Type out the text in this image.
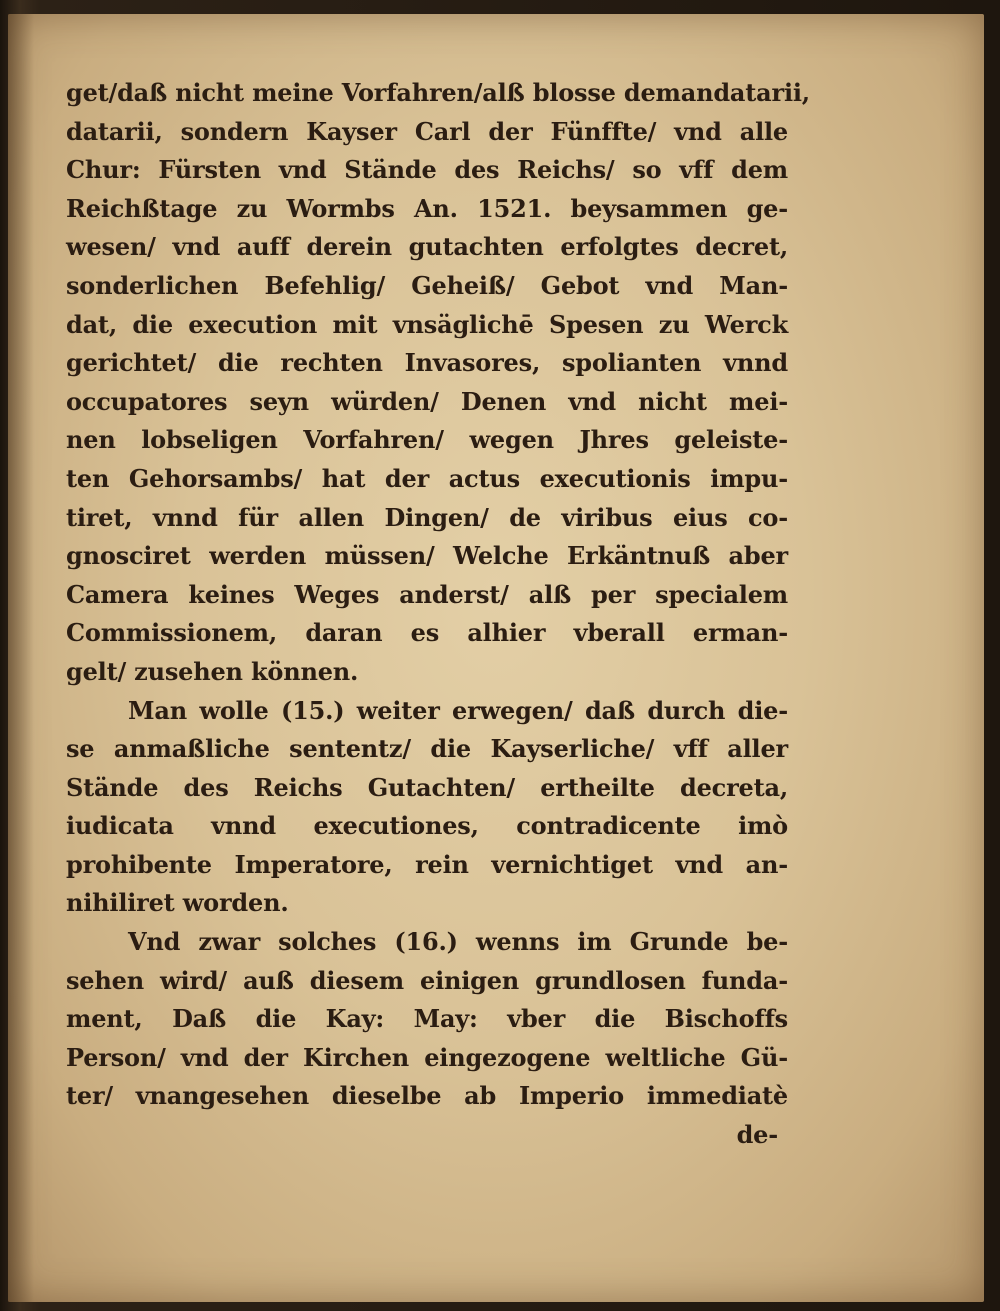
get/daß nicht meine Vorfahren/alß blosse demandatarii,
datarii, sondern Kayser Carl der Fünffte/ vnd alle
Chur: Fürsten vnd Stände des Reichs/ so vff dem
Reichßtage zu Wormbs An. 1521. beysammen ge-
wesen/ vnd auff derein gutachten erfolgtes decret,
sonderlichen Befehlig/ Geheiß/ Gebot vnd Man-
dat, die execution mit vnsäglichē Spesen zu Werck
gerichtet/ die rechten Invasores, spolianten vnnd
occupatores seyn würden/ Denen vnd nicht mei-
nen lobseligen Vorfahren/ wegen Jhres geleiste-
ten Gehorsambs/ hat der actus executionis impu-
tiret, vnnd für allen Dingen/ de viribus eius co-
gnosciret werden müssen/ Welche Erkäntnuß aber
Camera keines Weges anderst/ alß per specialem
Commissionem, daran es alhier vberall erman-
gelt/ zusehen können.
Man wolle (15.) weiter erwegen/ daß durch die-
se anmaßliche sententz/ die Kayserliche/ vff aller
Stände des Reichs Gutachten/ ertheilte decreta,
iudicata vnnd executiones, contradicente imò
prohibente Imperatore, rein vernichtiget vnd an-
nihiliret worden.
Vnd zwar solches (16.) wenns im Grunde be-
sehen wird/ auß diesem einigen grundlosen funda-
ment, Daß die Kay: May: vber die Bischoffs
Person/ vnd der Kirchen eingezogene weltliche Gü-
ter/ vnangesehen dieselbe ab Imperio immediatè
de-
